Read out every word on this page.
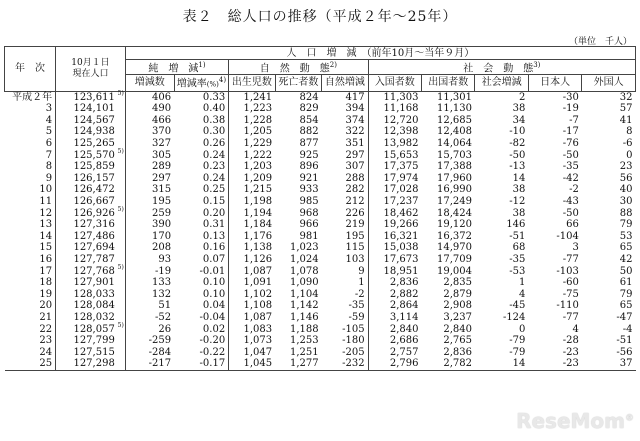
表２　総人口の推移（平成２年～25年）
（単位　千人）
年　次	10月１日
現在人口	人　口　増　減　（前年10月～当年９月）									
		純　増　減$^{1)}$		自　然　動　態$^{2)}$			社　会　動　態$^{3)}$
		増減数	増減率(%)$^{4)}$	出生児数	死亡者数	自然増減	入国者数	出国者数	社会増減	日本人	外国人
平成２年	123,611 5)	406	0.33	1,241	824	417	11,303	11,301	2	-30	32
3	124,101	490	0.40	1,223	829	394	11,168	11,130	38	-19	57
4	124,567	466	0.38	1,228	854	374	12,720	12,685	34	-7	41
5	124,938	370	0.30	1,205	882	322	12,398	12,408	-10	-17	8
6	125,265	327	0.26	1,229	877	351	13,982	14,064	-82	-76	-6
7	125,570 5)	305	0.24	1,222	925	297	15,653	15,703	-50	-50	0
8	125,859	289	0.23	1,203	896	307	17,375	17,388	-13	-35	23
9	126,157	297	0.24	1,209	921	288	17,974	17,960	14	-42	56
10	126,472	315	0.25	1,215	933	282	17,028	16,990	38	-2	40
11	126,667	195	0.15	1,198	985	212	17,237	17,249	-12	-43	30
12	126,926 5)	259	0.20	1,194	968	226	18,462	18,424	38	-50	88
13	127,316	390	0.31	1,184	966	219	19,266	19,120	146	66	79
14	127,486	170	0.13	1,176	981	195	16,321	16,372	-51	-104	53
15	127,694	208	0.16	1,138	1,023	115	15,038	14,970	68	3	65
16	127,787	93	0.07	1,126	1,024	103	17,673	17,709	-35	-77	42
17	127,768 5)	-19	-0.01	1,087	1,078	9	18,951	19,004	-53	-103	50
18	127,901	133	0.10	1,091	1,090	1	2,836	2,835	1	-60	61
19	128,033	132	0.10	1,102	1,104	-2	2,882	2,879	4	-75	79
20	128,084	51	0.04	1,108	1,142	-35	2,864	2,908	-45	-110	65
21	128,032	-52	-0.04	1,087	1,146	-59	3,114	3,237	-124	-77	-47
22	128,057 5)	26	0.02	1,083	1,188	-105	2,840	2,840	0	4	-4
23	127,799	-259	-0.20	1,073	1,253	-180	2,686	2,765	-79	-28	-51
24	127,515	-284	-0.22	1,047	1,251	-205	2,757	2,836	-79	-23	-56
25	127,298	-217	-0.17	1,045	1,277	-232	2,796	2,782	14	-23	37
ReseMom®
